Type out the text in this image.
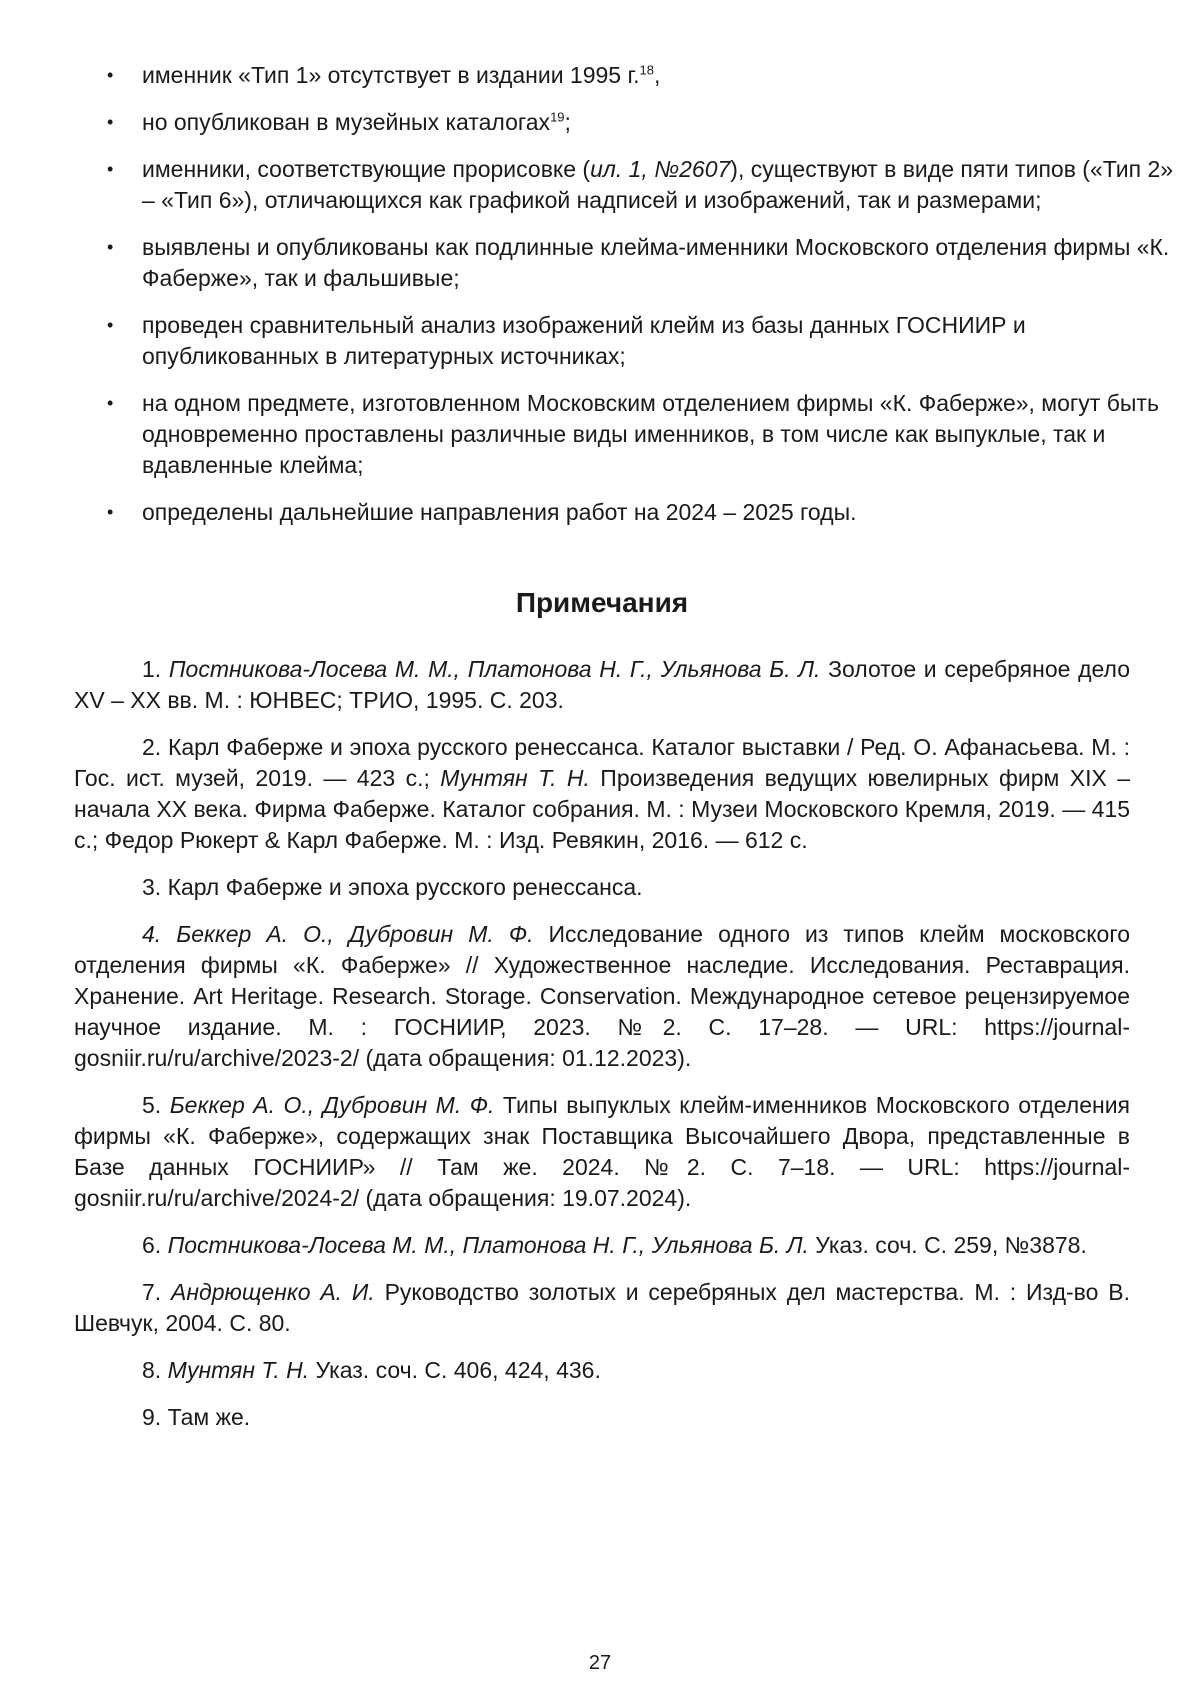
• именник «Тип 1» отсутствует в издании 1995 г.$^{18}$,
• но опубликован в музейных каталогах$^{19}$;
• именники, соответствующие прорисовке (ил. 1, №2607), существуют в виде пяти типов («Тип 2» – «Тип 6»), отличающихся как графикой надписей и изображений, так и размерами;
• выявлены и опубликованы как подлинные клейма-именники Московского отделения фирмы «К. Фаберже», так и фальшивые;
• проведен сравнительный анализ изображений клейм из базы данных ГОСНИИР и опубликованных в литературных источниках;
• на одном предмете, изготовленном Московским отделением фирмы «К. Фаберже», могут быть одновременно проставлены различные виды именников, в том числе как выпуклые, так и вдавленные клейма;
• определены дальнейшие направления работ на 2024 – 2025 годы.
Примечания

1. Постникова-Лосева М. М., Платонова Н. Г., Ульянова Б. Л. Золотое и серебряное дело XV – XX вв. М. : ЮНВЕС; ТРИО, 1995. С. 203.

2. Карл Фаберже и эпоха русского ренессанса. Каталог выставки / Ред. О. Афанасьева. М. : Гос. ист. музей, 2019. — 423 с.; Мунтян Т. Н. Произведения ведущих ювелирных фирм XIX – начала XX века. Фирма Фаберже. Каталог собрания. М. : Музеи Московского Кремля, 2019. — 415 с.; Федор Рюкерт & Карл Фаберже. М. : Изд. Ревякин, 2016. — 612 с.

3. Карл Фаберже и эпоха русского ренессанса.

4. Беккер А. О., Дубровин М. Ф. Исследование одного из типов клейм московского отделения фирмы «К. Фаберже» // Художественное наследие. Исследования. Реставрация. Хранение. Art Heritage. Research. Storage. Conservation. Международное сетевое рецензируемое научное издание. М. : ГОСНИИР, 2023. №2. С. 17–28. — URL: https://journal-gosniir.ru/ru/archive/2023-2/ (дата обращения: 01.12.2023).

5. Беккер А. О., Дубровин М. Ф. Типы выпуклых клейм-именников Московского отделения фирмы «К. Фаберже», содержащих знак Поставщика Высочайшего Двора, представленные в Базе данных ГОСНИИР» // Там же. 2024. №2. С. 7–18. — URL: https://journal-gosniir.ru/ru/archive/2024-2/ (дата обращения: 19.07.2024).

6. Постникова-Лосева М. М., Платонова Н. Г., Ульянова Б. Л. Указ. соч. С. 259, №3878.

7. Андрющенко А. И. Руководство золотых и серебряных дел мастерства. М. : Изд-во В. Шевчук, 2004. С. 80.

8. Мунтян Т. Н. Указ. соч. С. 406, 424, 436.

9. Там же.

27
